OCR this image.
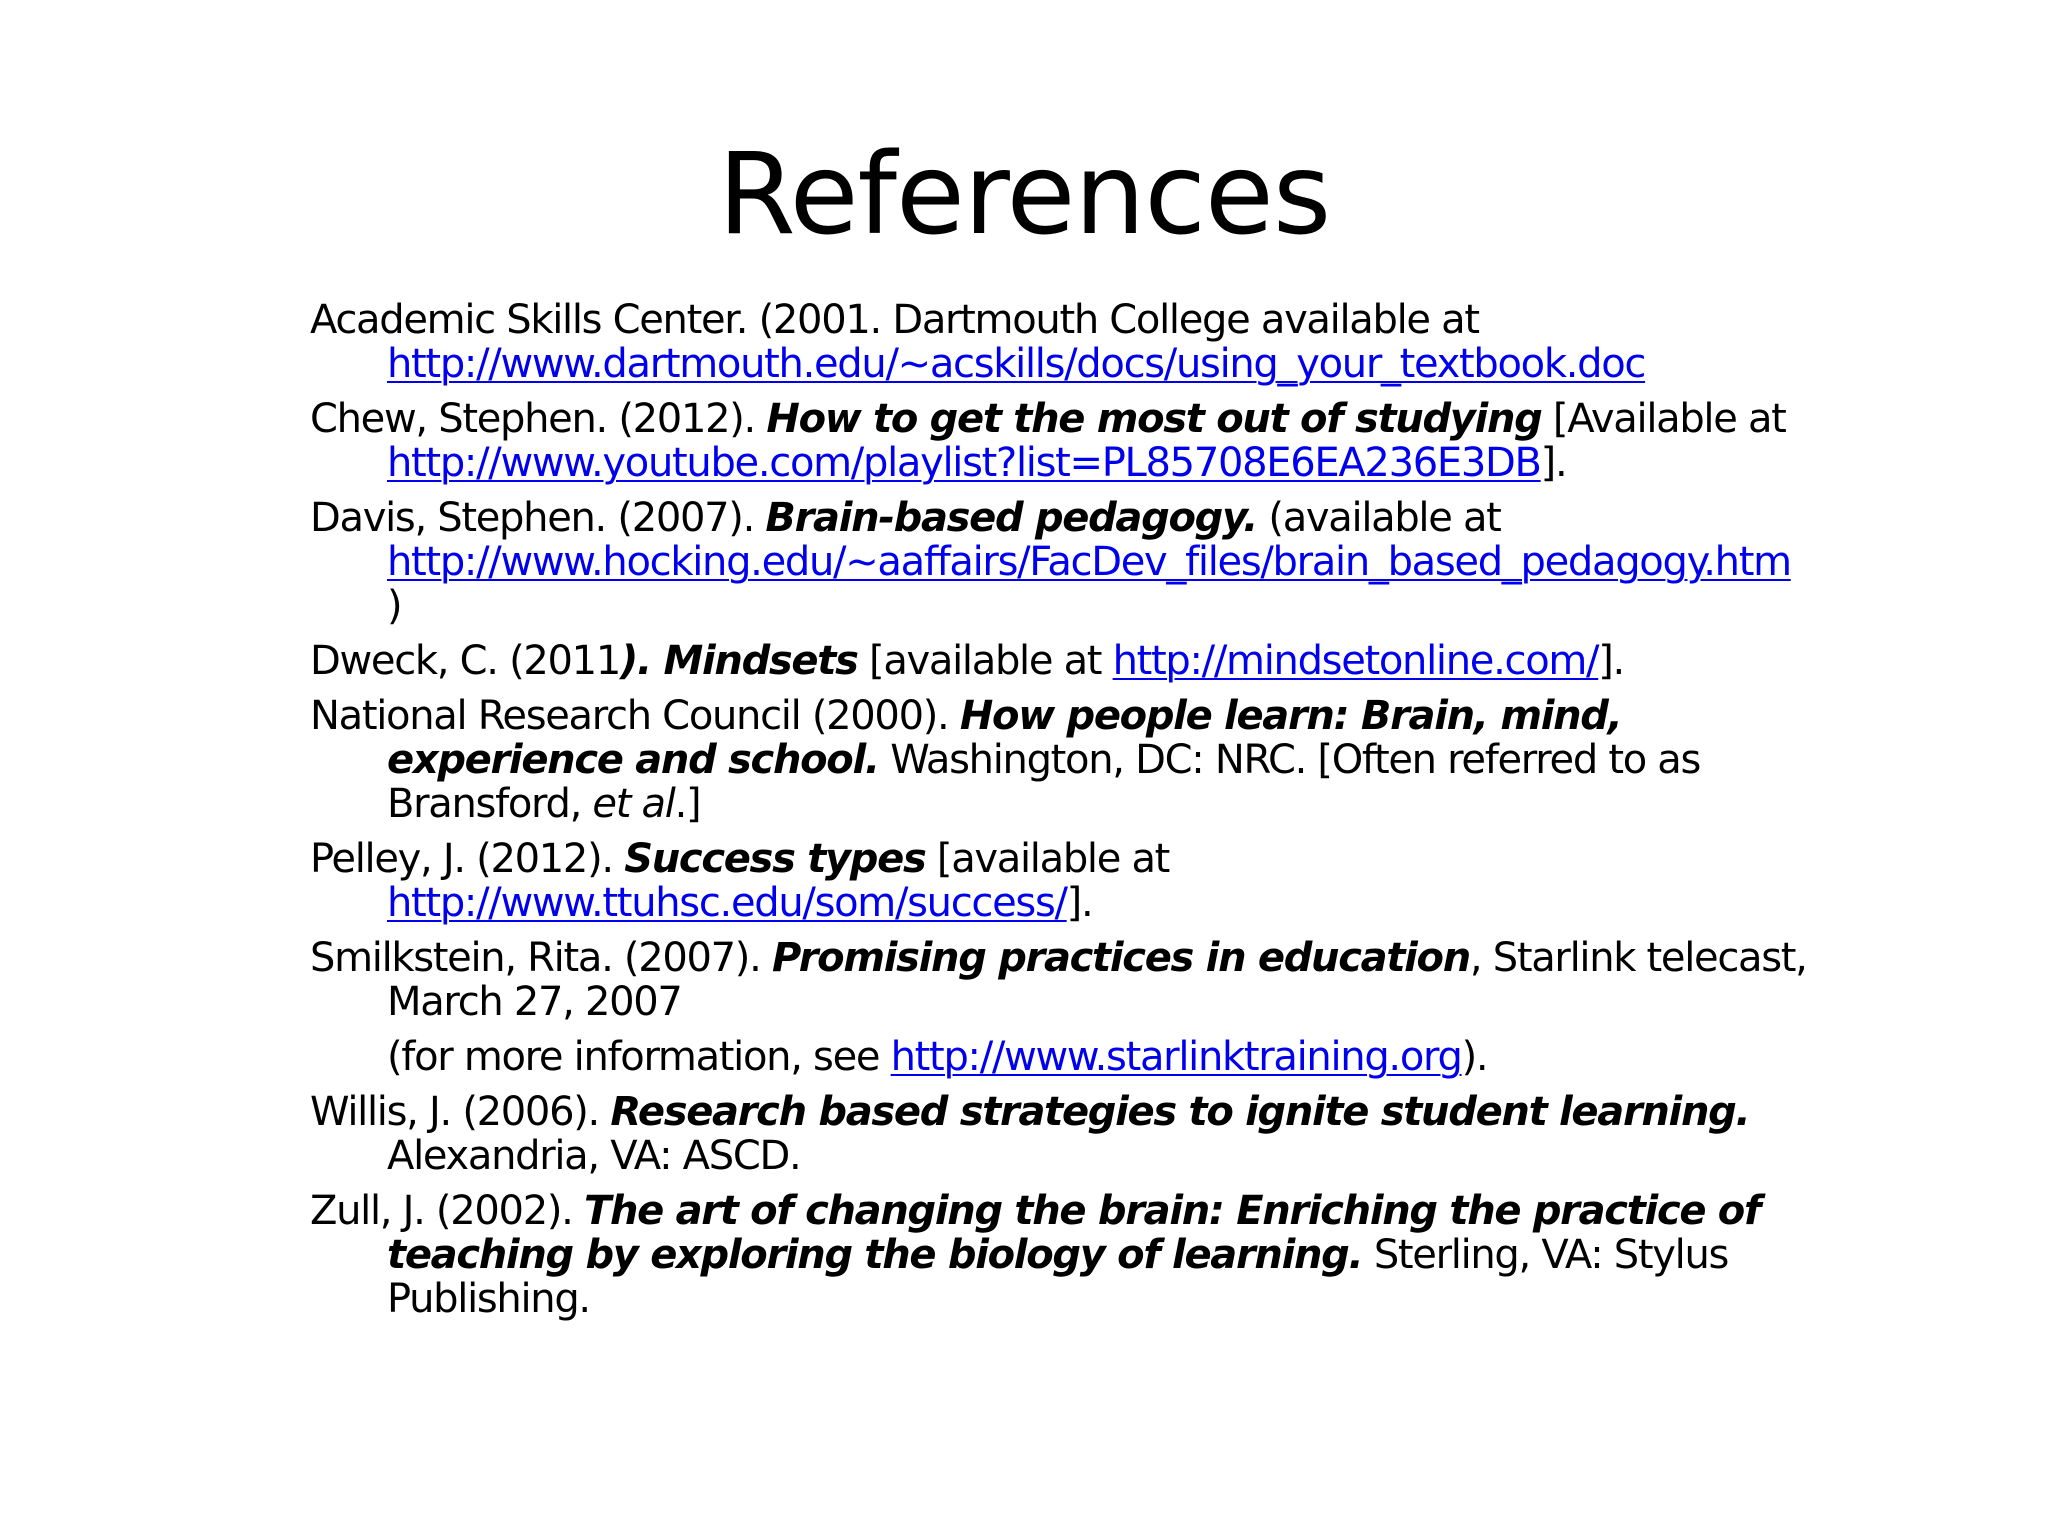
References

Academic Skills Center. (2001. Dartmouth College available at http://www.dartmouth.edu/~acskills/docs/using_your_textbook.doc

Chew, Stephen. (2012). How to get the most out of studying [Available at http://www.youtube.com/playlist?list=PL85708E6EA236E3DB].

Davis, Stephen. (2007). Brain-based pedagogy. (available at http://www.hocking.edu/~aaffairs/FacDev_files/brain_based_pedagogy.htm
)

Dweck, C. (2011). Mindsets [available at http://mindsetonline.com/].

National Research Council (2000). How people learn: Brain, mind, experience and school. Washington, DC: NRC. [Often referred to as Bransford, et al.]

Pelley, J. (2012). Success types [available at http://www.ttuhsc.edu/som/success/].

Smilkstein, Rita. (2007). Promising practices in education, Starlink telecast, March 27, 2007

(for more information, see http://www.starlinktraining.org).

Willis, J. (2006). Research based strategies to ignite student learning. Alexandria, VA: ASCD.

Zull, J. (2002). The art of changing the brain: Enriching the practice of teaching by exploring the biology of learning. Sterling, VA: Stylus Publishing.
